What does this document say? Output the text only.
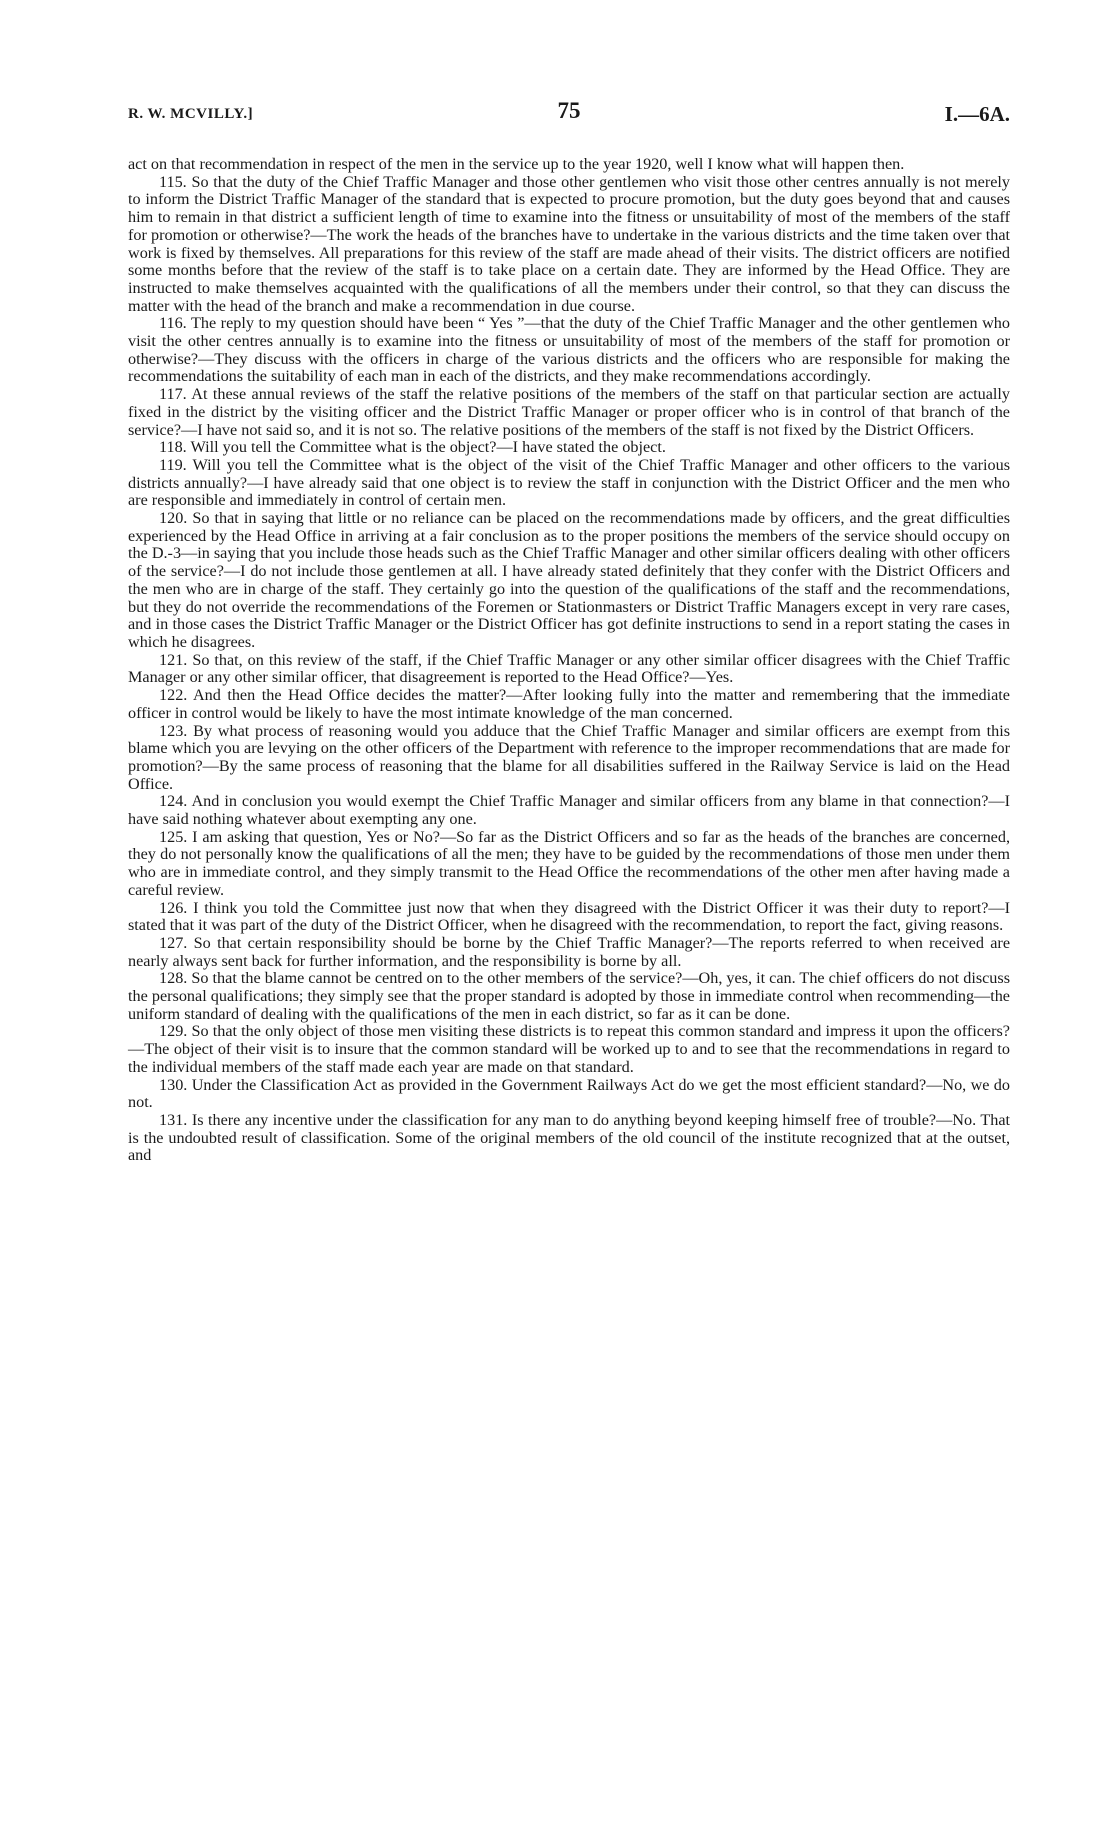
R. W. MCVILLY.]	75	I.—6A.

act on that recommendation in respect of the men in the service up to the year 1920, well I know what will happen then.

115. So that the duty of the Chief Traffic Manager and those other gentlemen who visit those other centres annually is not merely to inform the District Traffic Manager of the standard that is expected to procure promotion, but the duty goes beyond that and causes him to remain in that district a sufficient length of time to examine into the fitness or unsuitability of most of the members of the staff for promotion or otherwise?—The work the heads of the branches have to undertake in the various districts and the time taken over that work is fixed by themselves. All preparations for this review of the staff are made ahead of their visits. The district officers are notified some months before that the review of the staff is to take place on a certain date. They are informed by the Head Office. They are instructed to make themselves acquainted with the qualifications of all the members under their control, so that they can discuss the matter with the head of the branch and make a recommendation in due course.

116. The reply to my question should have been “ Yes ”—that the duty of the Chief Traffic Manager and the other gentlemen who visit the other centres annually is to examine into the fitness or unsuitability of most of the members of the staff for promotion or otherwise?—They discuss with the officers in charge of the various districts and the officers who are responsible for making the recommendations the suitability of each man in each of the districts, and they make recommendations accordingly.

117. At these annual reviews of the staff the relative positions of the members of the staff on that particular section are actually fixed in the district by the visiting officer and the District Traffic Manager or proper officer who is in control of that branch of the service?—I have not said so, and it is not so. The relative positions of the members of the staff is not fixed by the District Officers.

118. Will you tell the Committee what is the object?—I have stated the object.

119. Will you tell the Committee what is the object of the visit of the Chief Traffic Manager and other officers to the various districts annually?—I have already said that one object is to review the staff in conjunction with the District Officer and the men who are responsible and immediately in control of certain men.

120. So that in saying that little or no reliance can be placed on the recommendations made by officers, and the great difficulties experienced by the Head Office in arriving at a fair conclusion as to the proper positions the members of the service should occupy on the D.-3—in saying that you include those heads such as the Chief Traffic Manager and other similar officers dealing with other officers of the service?—I do not include those gentlemen at all. I have already stated definitely that they confer with the District Officers and the men who are in charge of the staff. They certainly go into the question of the qualifications of the staff and the recommendations, but they do not override the recommendations of the Foremen or Stationmasters or District Traffic Managers except in very rare cases, and in those cases the District Traffic Manager or the District Officer has got definite instructions to send in a report stating the cases in which he disagrees.

121. So that, on this review of the staff, if the Chief Traffic Manager or any other similar officer disagrees with the Chief Traffic Manager or any other similar officer, that disagreement is reported to the Head Office?—Yes.

122. And then the Head Office decides the matter?—After looking fully into the matter and remembering that the immediate officer in control would be likely to have the most intimate knowledge of the man concerned.

123. By what process of reasoning would you adduce that the Chief Traffic Manager and similar officers are exempt from this blame which you are levying on the other officers of the Department with reference to the improper recommendations that are made for promotion?—By the same process of reasoning that the blame for all disabilities suffered in the Railway Service is laid on the Head Office.

124. And in conclusion you would exempt the Chief Traffic Manager and similar officers from any blame in that connection?—I have said nothing whatever about exempting any one.

125. I am asking that question, Yes or No?—So far as the District Officers and so far as the heads of the branches are concerned, they do not personally know the qualifications of all the men; they have to be guided by the recommendations of those men under them who are in immediate control, and they simply transmit to the Head Office the recommendations of the other men after having made a careful review.

126. I think you told the Committee just now that when they disagreed with the District Officer it was their duty to report?—I stated that it was part of the duty of the District Officer, when he disagreed with the recommendation, to report the fact, giving reasons.

127. So that certain responsibility should be borne by the Chief Traffic Manager?—The reports referred to when received are nearly always sent back for further information, and the responsibility is borne by all.

128. So that the blame cannot be centred on to the other members of the service?—Oh, yes, it can. The chief officers do not discuss the personal qualifications; they simply see that the proper standard is adopted by those in immediate control when recommending—the uniform standard of dealing with the qualifications of the men in each district, so far as it can be done.

129. So that the only object of those men visiting these districts is to repeat this common standard and impress it upon the officers?—The object of their visit is to insure that the common standard will be worked up to and to see that the recommendations in regard to the individual members of the staff made each year are made on that standard.

130. Under the Classification Act as provided in the Government Railways Act do we get the most efficient standard?—No, we do not.

131. Is there any incentive under the classification for any man to do anything beyond keeping himself free of trouble?—No. That is the undoubted result of classification. Some of the original members of the old council of the institute recognized that at the outset, and
